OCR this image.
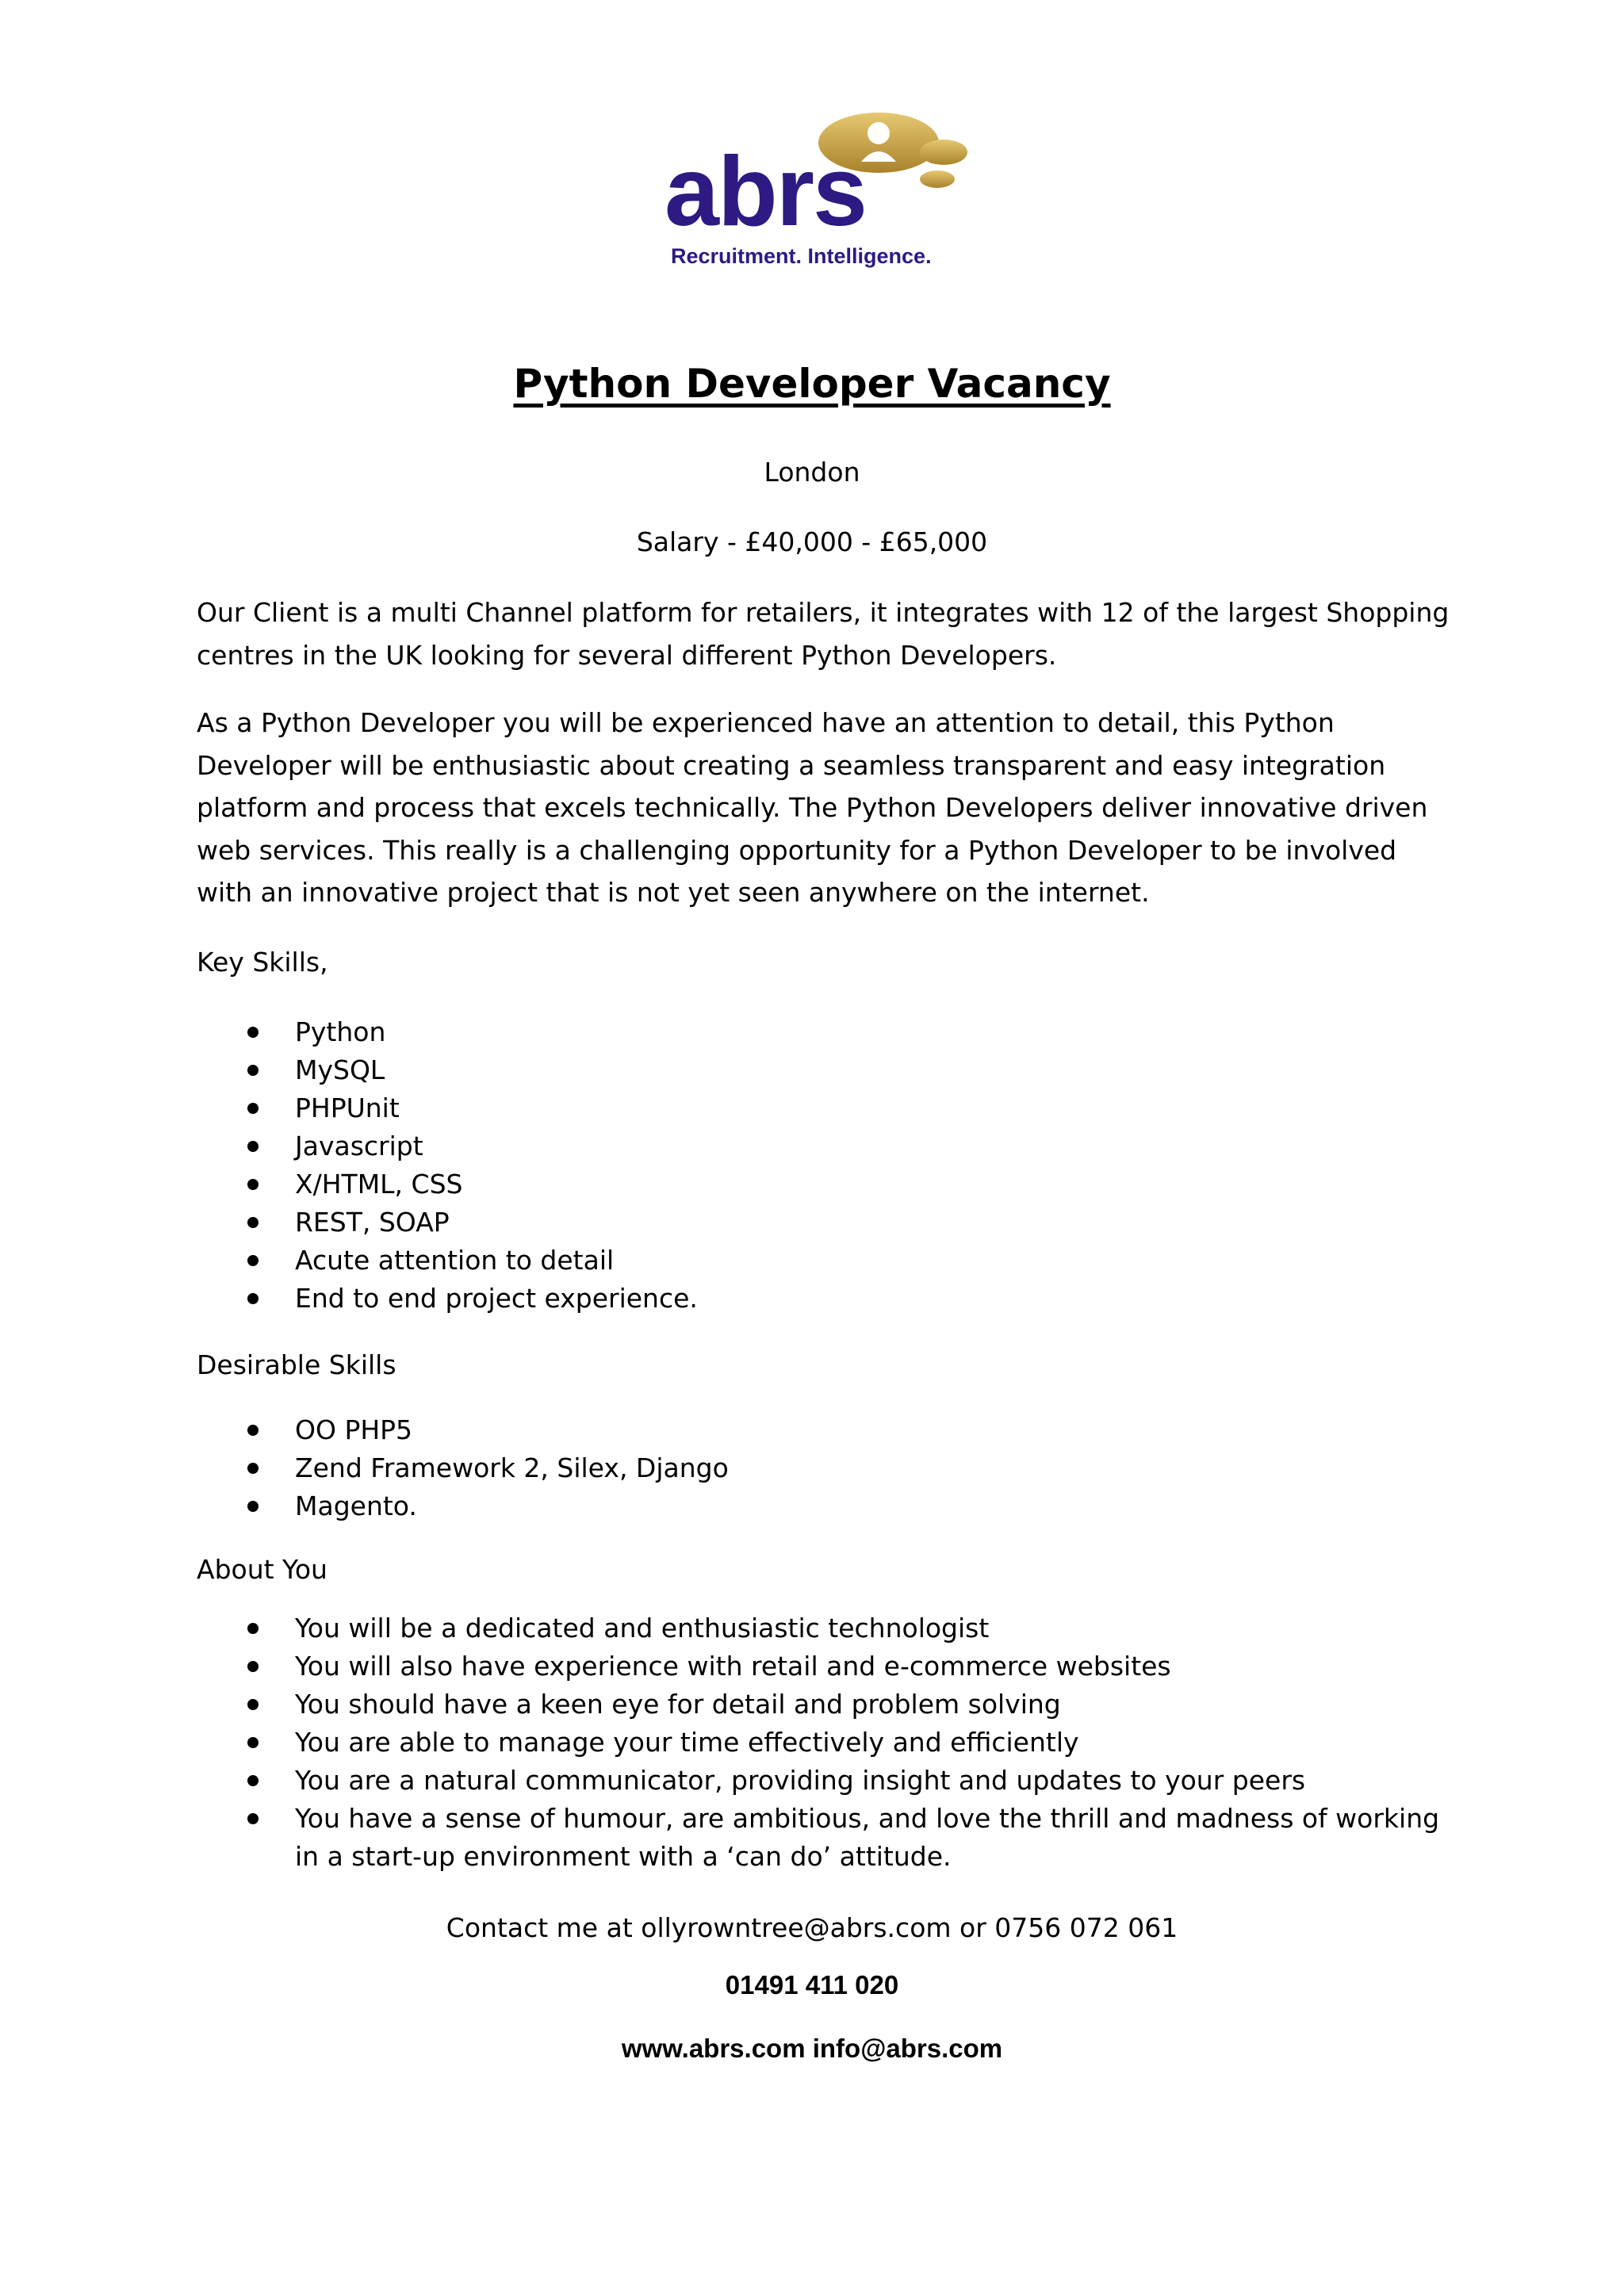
abrs
Recruitment. Intelligence.
Python Developer Vacancy
London
Salary - £40,000 - £65,000
Our Client is a multi Channel platform for retailers, it integrates with 12 of the largest Shopping centres in the UK looking for several different Python Developers.
As a Python Developer you will be experienced have an attention to detail, this Python Developer will be enthusiastic about creating a seamless transparent and easy integration platform and process that excels technically. The Python Developers deliver innovative driven web services. This really is a challenging opportunity for a Python Developer to be involved with an innovative project that is not yet seen anywhere on the internet.
Key Skills,
Python
MySQL
PHPUnit
Javascript
X/HTML, CSS
REST, SOAP
Acute attention to detail
End to end project experience.
Desirable Skills
OO PHP5
Zend Framework 2, Silex, Django
Magento.
About You
You will be a dedicated and enthusiastic technologist
You will also have experience with retail and e-commerce websites
You should have a keen eye for detail and problem solving
You are able to manage your time effectively and efficiently
You are a natural communicator, providing insight and updates to your peers
You have a sense of humour, are ambitious, and love the thrill and madness of working in a start-up environment with a ‘can do’ attitude.
Contact me at ollyrowntree@abrs.com or 0756 072 061
01491 411 020
www.abrs.com info@abrs.com
